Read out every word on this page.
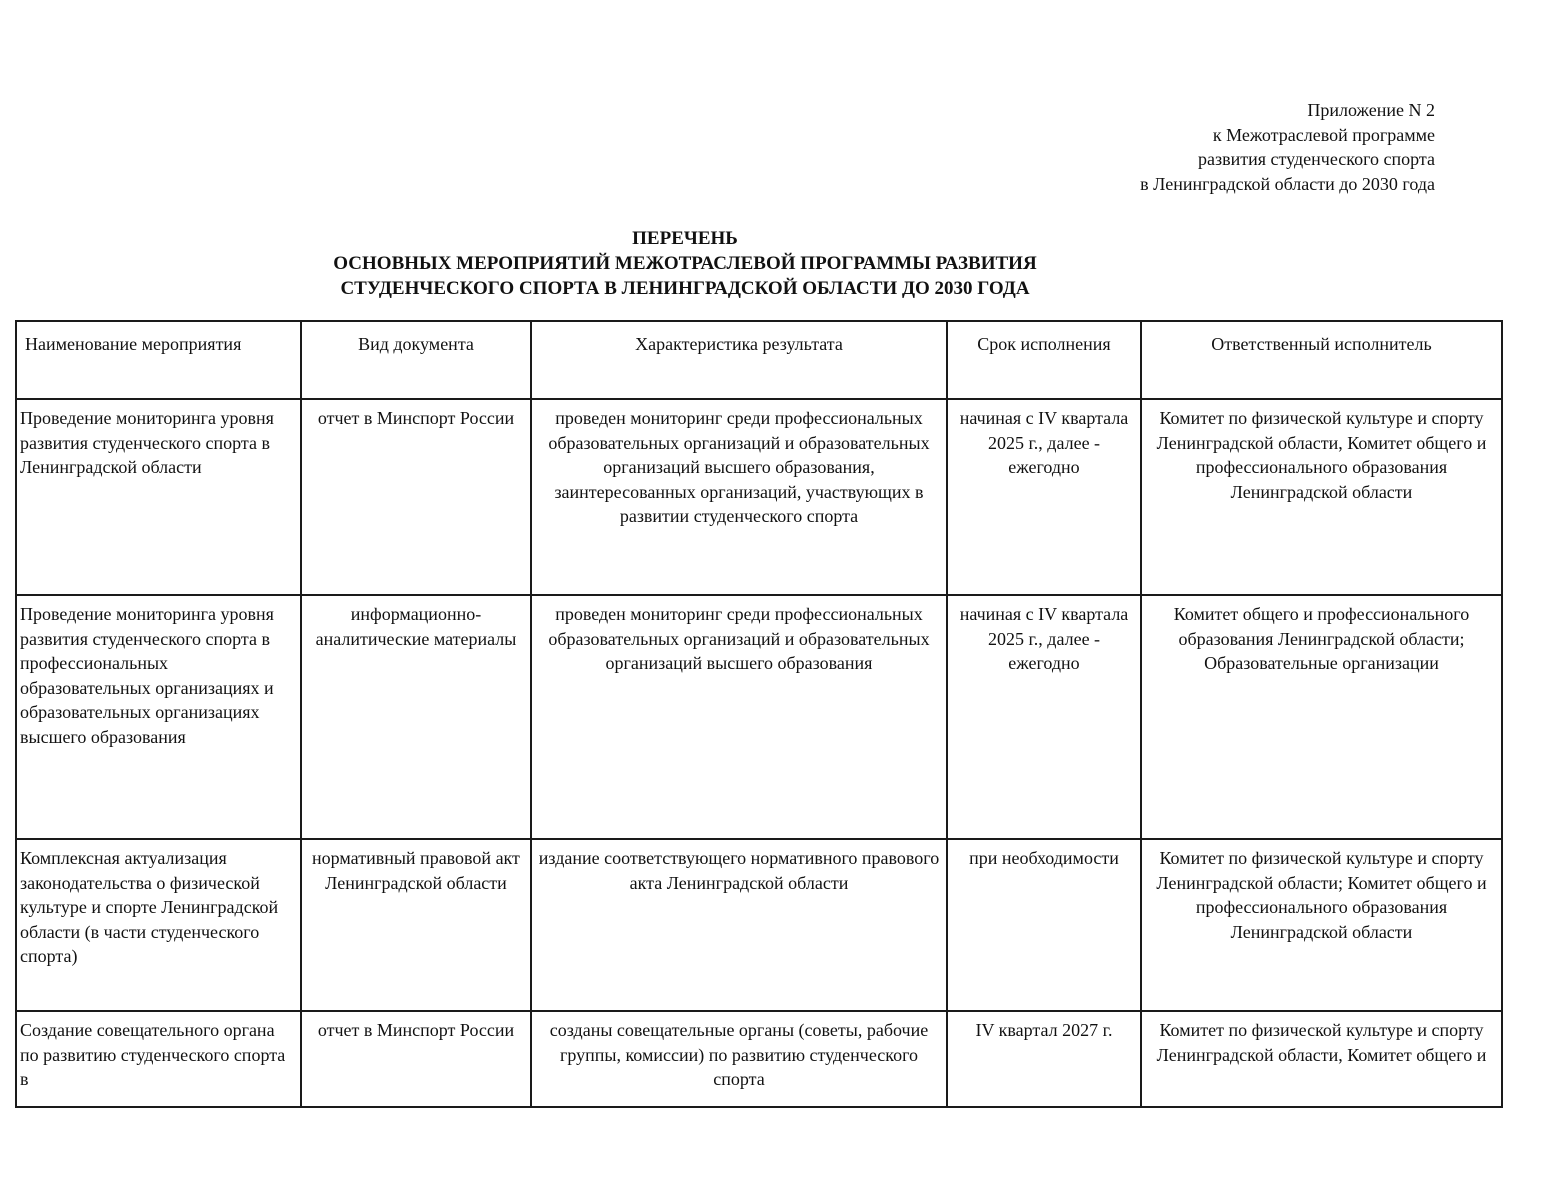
Приложение N 2
к Межотраслевой программе
развития студенческого спорта
в Ленинградской области до 2030 года
ПЕРЕЧЕНЬ
ОСНОВНЫХ МЕРОПРИЯТИЙ МЕЖОТРАСЛЕВОЙ ПРОГРАММЫ РАЗВИТИЯ
СТУДЕНЧЕСКОГО СПОРТА В ЛЕНИНГРАДСКОЙ ОБЛАСТИ ДО 2030 ГОДА
Наименование мероприятия	Вид документа	Характеристика результата	Срок исполнения	Ответственный исполнитель
Проведение мониторинга уровня развития студенческого спорта в Ленинградской области	отчет в Минспорт России	проведен мониторинг среди профессиональных образовательных организаций и образовательных организаций высшего образования, заинтересованных организаций, участвующих в развитии студенческого спорта	начиная с IV квартала 2025 г., далее - ежегодно	Комитет по физической культуре и спорту Ленинградской области, Комитет общего и профессионального образования Ленинградской области
Проведение мониторинга уровня развития студенческого спорта в профессиональных образовательных организациях и образовательных организациях высшего образования	информационно-аналитические материалы	проведен мониторинг среди профессиональных образовательных организаций и образовательных организаций высшего образования	начиная с IV квартала 2025 г., далее - ежегодно	Комитет общего и профессионального образования Ленинградской области; Образовательные организации
Комплексная актуализация законодательства о физической культуре и спорте Ленинградской области (в части студенческого спорта)	нормативный правовой акт Ленинградской области	издание соответствующего нормативного правового акта Ленинградской области	при необходимости	Комитет по физической культуре и спорту Ленинградской области; Комитет общего и профессионального образования Ленинградской области
Создание совещательного органа по развитию студенческого спорта в	отчет в Минспорт России	созданы совещательные органы (советы, рабочие группы, комиссии) по развитию студенческого спорта	IV квартал 2027 г.	Комитет по физической культуре и спорту Ленинградской области, Комитет общего и
